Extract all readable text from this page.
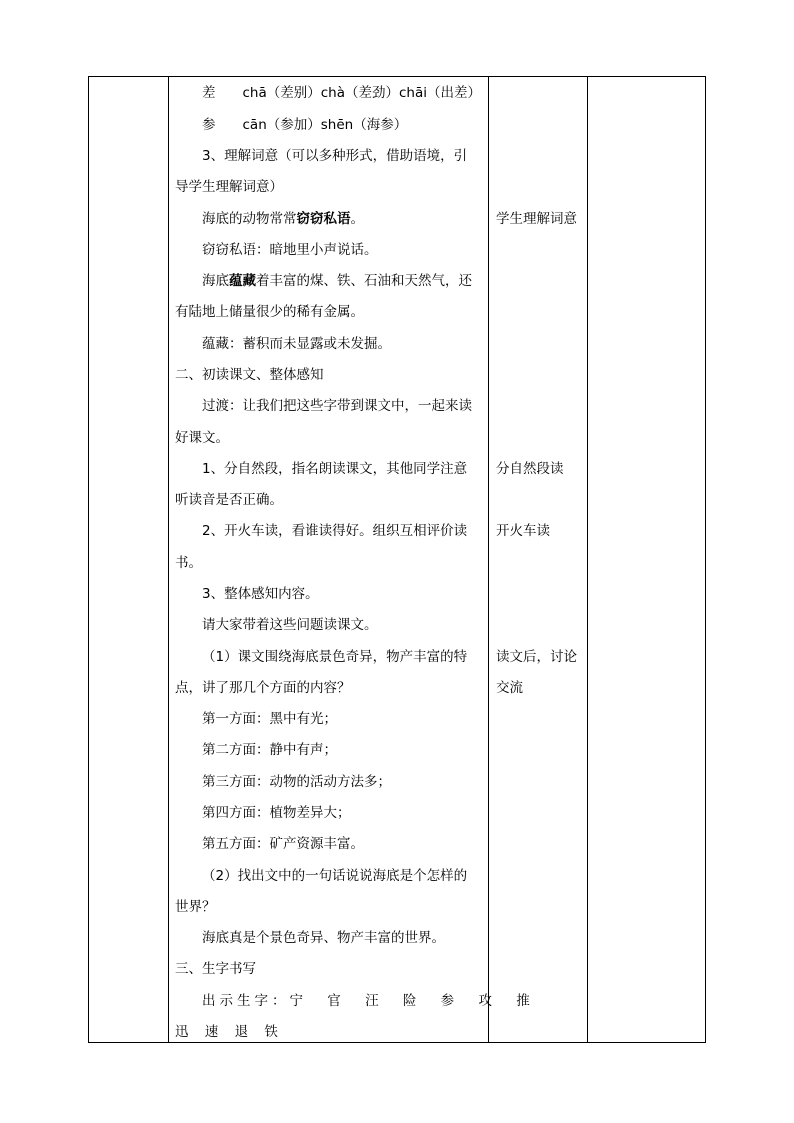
差　　chā（差别）chà（差劲）chāi（出差）
参　　cān（参加）shēn（海参）
3、理解词意（可以多种形式，借助语境，引
导学生理解词意）
海底的动物常常窃窃私语。
窃窃私语：暗地里小声说话。
海底蕴藏着丰富的煤、铁、石油和天然气，还
有陆地上储量很少的稀有金属。
蕴藏：蓄积而未显露或未发掘。
二、初读课文、整体感知
过渡：让我们把这些字带到课文中，一起来读
好课文。
1、分自然段，指名朗读课文，其他同学注意
听读音是否正确。
2、开火车读，看谁读得好。组织互相评价读
书。
3、整体感知内容。
请大家带着这些问题读课文。
（1）课文围绕海底景色奇异，物产丰富的特
点，讲了那几个方面的内容？
第一方面：黑中有光；
第二方面：静中有声；
第三方面：动物的活动方法多；
第四方面：植物差异大；
第五方面：矿产资源丰富。
（2）找出文中的一句话说说海底是个怎样的
世界？
海底真是个景色奇异、物产丰富的世界。
三、生字书写
出示生字：宁 官 汪 险 参 攻 推
迅 速 退 铁
学生理解词意
分自然段读
开火车读
读文后，讨论
交流
